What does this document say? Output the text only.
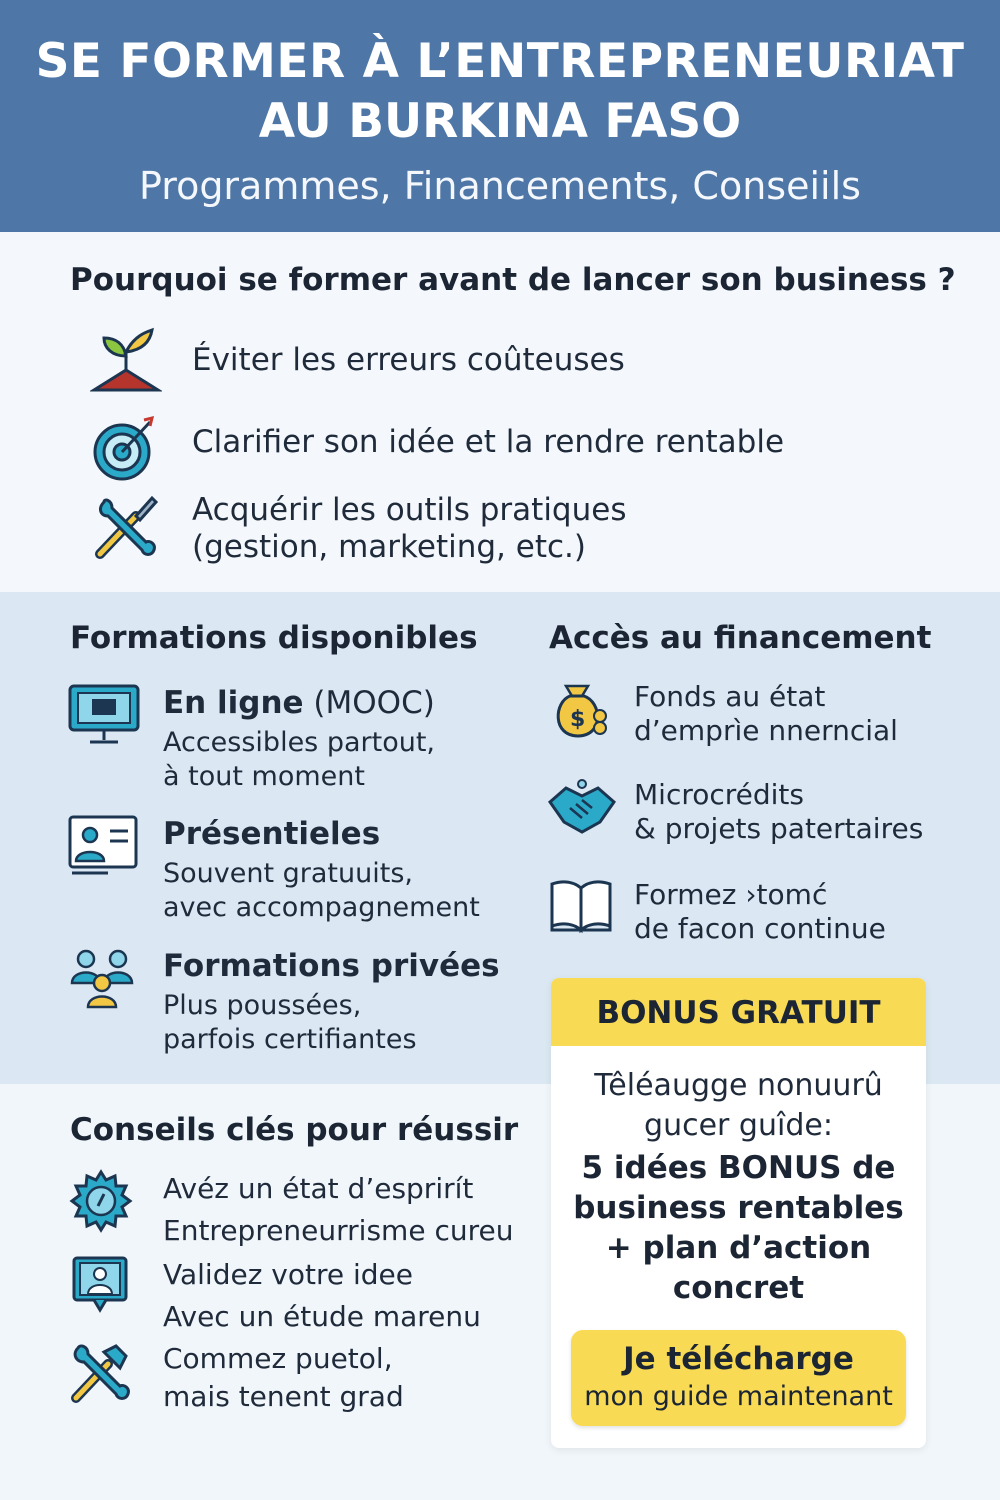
SE FORMER À L’ENTREPRENEURIAT
AU BURKINA FASO
Programmes, Financements, Conseiils
Pourquoi se former avant de lancer son business ?
Éviter les erreurs coûteuses
Clarifier son idée et la rendre rentable
Acquérir les outils pratiques
(gestion, marketing, etc.)
Formations disponibles Accès au financement
En ligne (MOOC)
Accessibles partout,
à tout moment
Présentieles
Souvent gratuuits,
avec accompagnement
Formations privées
Plus poussées,
parfois certifiantes
$
Fonds au état
d’emprìe nnerncial
Microcrédits
& projets patertaires
Formez ›tomć
de facon continue
Conseils clés pour réussir
Avéz un état d’esprirít
Entrepreneurrisme cureu
Validez votre idee
Avec un étude marenu
Commez puetol,
mais tenent grad
BONUS GRATUIT
Têléaugge nonuurû
gucer guîde:
5 idées BONUS de
business rentables
+ plan d’action
concret
Je télécharge
mon guide maintenant
